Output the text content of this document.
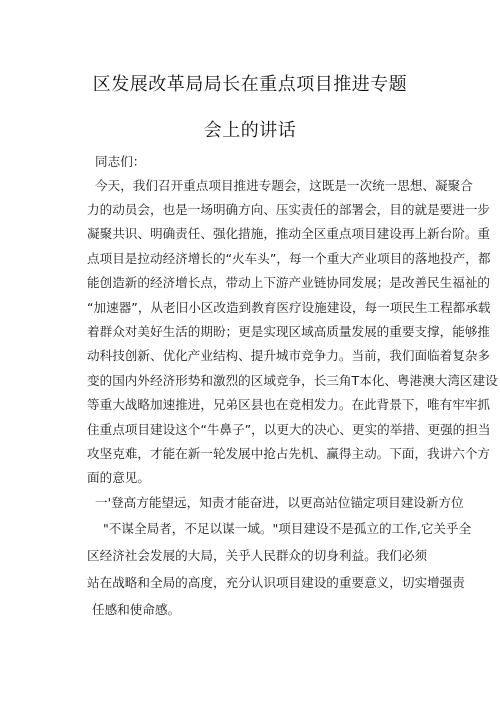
区发展改革局局长在重点项目推进专题
会上的讲话
同志们：
今天，我们召开重点项目推进专题会，这既是一次统一思想、凝聚合
力的动员会，也是一场明确方向、压实责任的部署会，目的就是要进一步
凝聚共识、明确责任、强化措施，推动全区重点项目建设再上新台阶。重
点项目是拉动经济增长的“火车头”，每一个重大产业项目的落地投产，都
能创造新的经济增长点，带动上下游产业链协同发展；是改善民生福祉的
“加速器”，从老旧小区改造到教育医疗设施建设，每一项民生工程都承载
着群众对美好生活的期盼；更是实现区域高质量发展的重要支撑，能够推
动科技创新、优化产业结构、提升城市竞争力。当前，我们面临着复杂多
变的国内外经济形势和激烈的区域竞争，长三角T本化、粤港澳大湾区建设
等重大战略加速推进，兄弟区县也在竞相发力。在此背景下，唯有牢牢抓
住重点项目建设这个“牛鼻子”，以更大的决心、更实的举措、更强的担当
攻坚克难，才能在新一轮发展中抢占先机、赢得主动。下面，我讲六个方
面的意见。
一'登高方能望远，知责才能奋进，以更高站位锚定项目建设新方位
"不谋全局者，不足以谋一域。"项目建设不是孤立的工作,它关乎全
区经济社会发展的大局，关乎人民群众的切身利益。我们必须
站在战略和全局的高度，充分认识项目建设的重要意义，切实增强责
任感和使命感。
